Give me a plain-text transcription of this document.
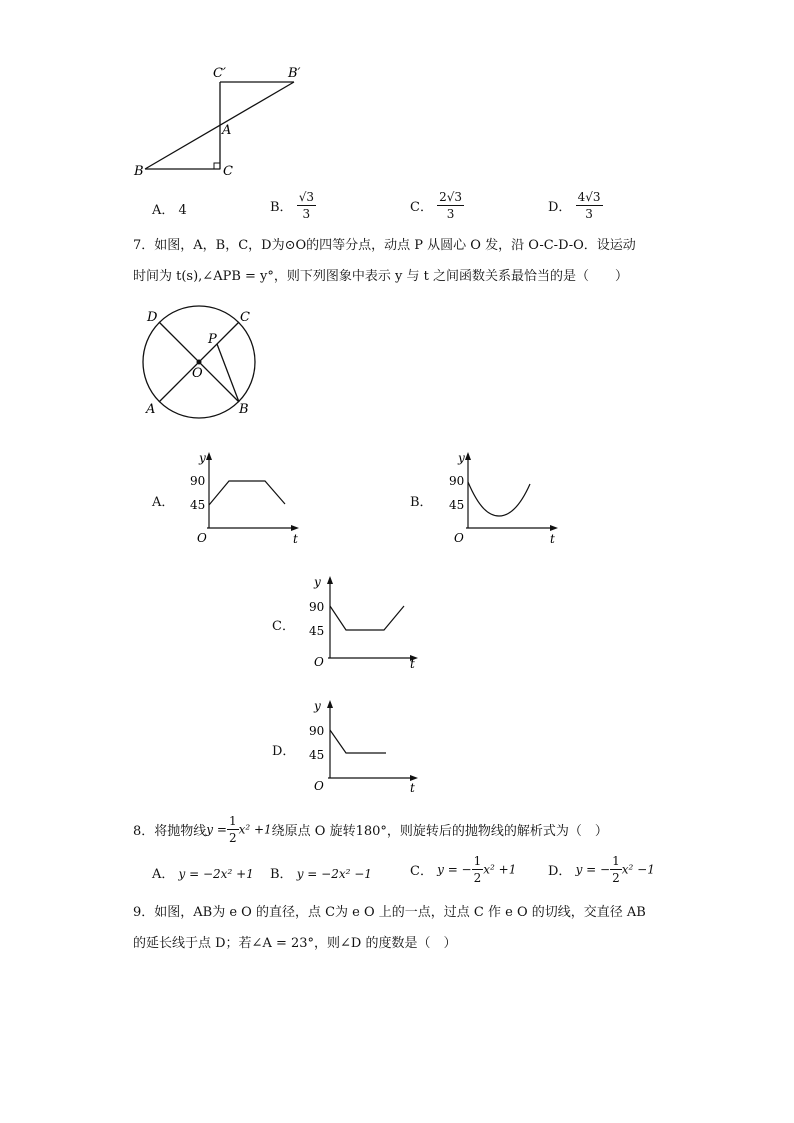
C′	B′
A
B	C
A． 4	B． $\frac{√3}{3}$	C． $\frac{2√3}{3}$	D． $\frac{4√3}{3}$
7．如图，A，B，C，D为⊙O的四等分点，动点 P 从圆心 O 发，沿 O-C-D-O．设运动
时间为 t(s),∠APB = y°，则下列图象中表示 y 与 t 之间函数关系最恰当的是（　　）
D	C
P
O
A	B
A．
y
90
45
O	t
B．
y
90
45
O	t
C．
y
90
45
O	t
D．
y
90
45
O	t
8．将抛物线$y = \frac{1}{2} x^2 +1$绕原点 O 旋转180°，则旋转后的抛物线的解析式为（　）
A． y = −2x² +1 B． y = −2x² −1	C． y = − $\frac{1}{2} x^2 +1$ D． y = − $\frac{1}{2} x^2 -1$
9．如图，AB为 e O 的直径，点 C为 e O 上的一点，过点 C 作 e O 的切线，交直径 AB
的延长线于点 D；若∠A = 23°，则∠D 的度数是（　）
